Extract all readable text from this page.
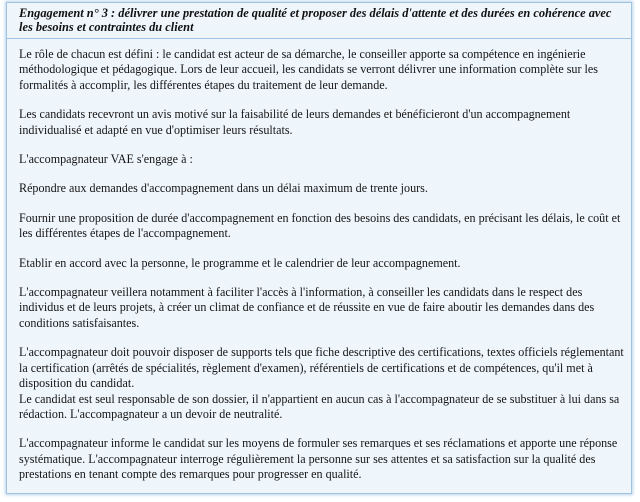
Engagement n° 3 : délivrer une prestation de qualité et proposer des délais d'attente et des durées en cohérence avec les besoins et contraintes du client

Le rôle de chacun est défini : le candidat est acteur de sa démarche, le conseiller apporte sa compétence en ingénierie méthodologique et pédagogique. Lors de leur accueil, les candidats se verront délivrer une information complète sur les formalités à accomplir, les différentes étapes du traitement de leur demande.

Les candidats recevront un avis motivé sur la faisabilité de leurs demandes et bénéficieront d'un accompagnement individualisé et adapté en vue d'optimiser leurs résultats.

L'accompagnateur VAE s'engage à :

Répondre aux demandes d'accompagnement dans un délai maximum de trente jours.

Fournir une proposition de durée d'accompagnement en fonction des besoins des candidats, en précisant les délais, le coût et les différentes étapes de l'accompagnement.

Etablir en accord avec la personne, le programme et le calendrier de leur accompagnement.

L'accompagnateur veillera notamment à faciliter l'accès à l'information, à conseiller les candidats dans le respect des individus et de leurs projets, à créer un climat de confiance et de réussite en vue de faire aboutir les demandes dans des conditions satisfaisantes.

L'accompagnateur doit pouvoir disposer de supports tels que fiche descriptive des certifications, textes officiels réglementant la certification (arrêtés de spécialités, règlement d'examen), référentiels de certifications et de compétences, qu'il met à disposition du candidat.

Le candidat est seul responsable de son dossier, il n'appartient en aucun cas à l'accompagnateur de se substituer à lui dans sa rédaction. L'accompagnateur a un devoir de neutralité.

L'accompagnateur informe le candidat sur les moyens de formuler ses remarques et ses réclamations et apporte une réponse systématique. L'accompagnateur interroge régulièrement la personne sur ses attentes et sa satisfaction sur la qualité des prestations en tenant compte des remarques pour progresser en qualité.
